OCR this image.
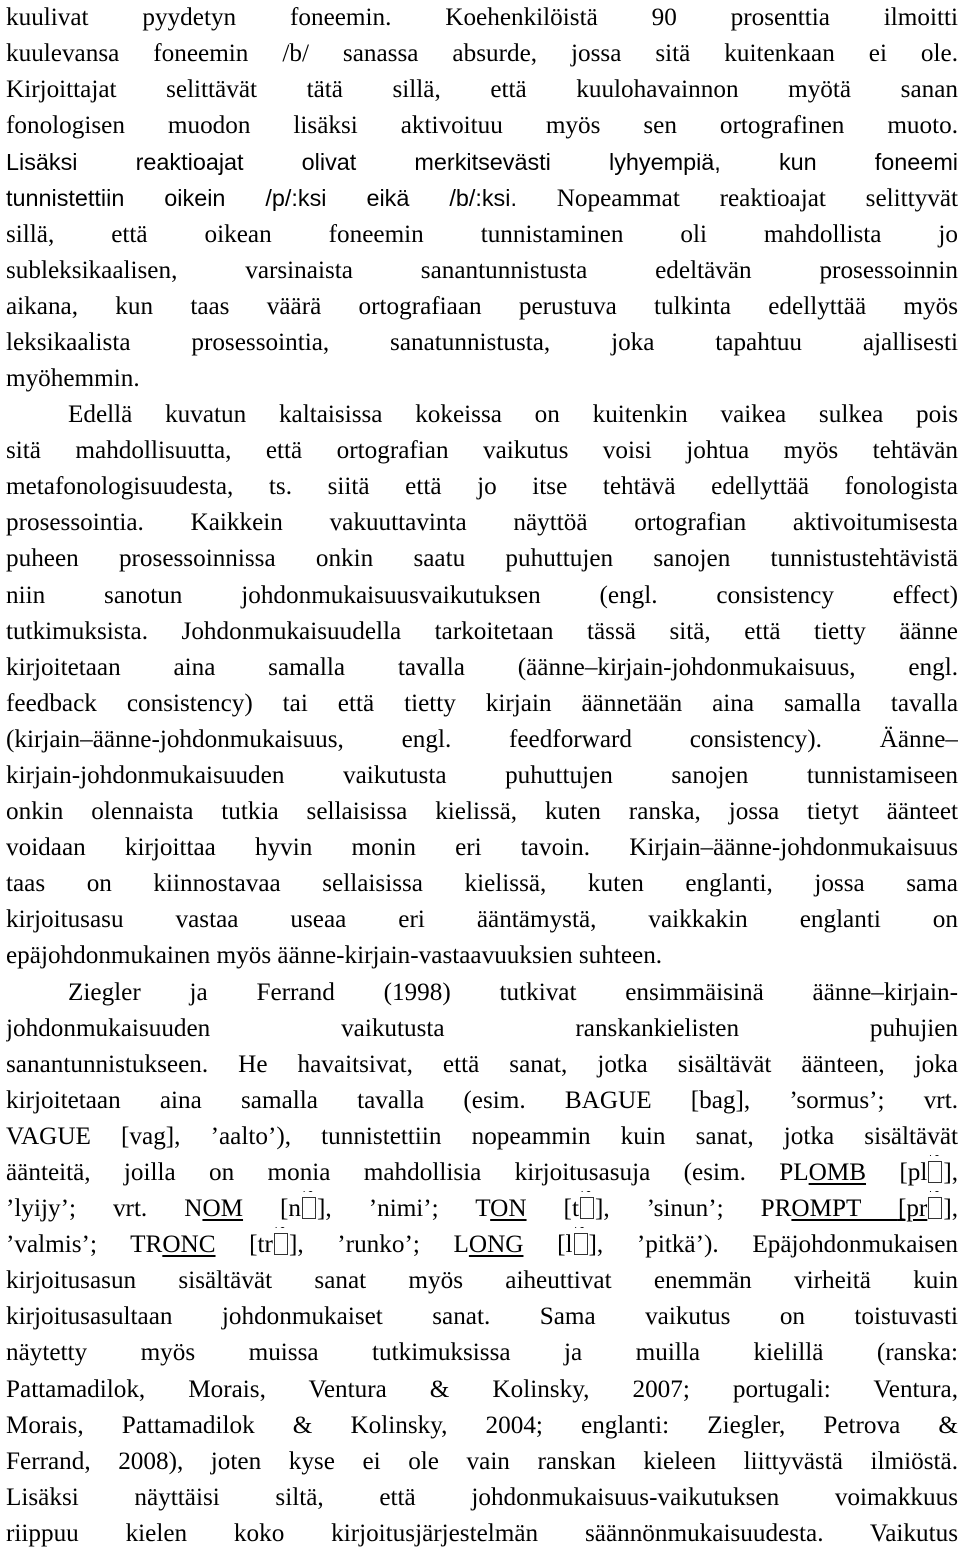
kuulivat pyydetyn foneemin. Koehenkilöistä 90 prosenttia ilmoitti
kuulevansa foneemin /b/ sanassa absurde, jossa sitä kuitenkaan ei ole.
Kirjoittajat selittävät tätä sillä, että kuulohavainnon myötä sanan
fonologisen muodon lisäksi aktivoituu myös sen ortografinen muoto.
Lisäksi reaktioajat olivat merkitsevästi lyhyempiä, kun foneemi
tunnistettiin oikein /p/:ksi eikä /b/:ksi. Nopeammat reaktioajat selittyvät
sillä, että oikean foneemin tunnistaminen oli mahdollista jo
subleksikaalisen, varsinaista sanantunnistusta edeltävän prosessoinnin
aikana, kun taas väärä ortografiaan perustuva tulkinta edellyttää myös
leksikaalista prosessointia, sanatunnistusta, joka tapahtuu ajallisesti
myöhemmin.
Edellä kuvatun kaltaisissa kokeissa on kuitenkin vaikea sulkea pois
sitä mahdollisuutta, että ortografian vaikutus voisi johtua myös tehtävän
metafonologisuudesta, ts. siitä että jo itse tehtävä edellyttää fonologista
prosessointia. Kaikkein vakuuttavinta näyttöä ortografian aktivoitumisesta
puheen prosessoinnissa onkin saatu puhuttujen sanojen tunnistustehtävistä
niin sanotun johdonmukaisuusvaikutuksen (engl. consistency effect)
tutkimuksista. Johdonmukaisuudella tarkoitetaan tässä sitä, että tietty äänne
kirjoitetaan aina samalla tavalla (äänne–kirjain-johdonmukaisuus, engl.
feedback consistency) tai että tietty kirjain äännetään aina samalla tavalla
(kirjain–äänne-johdonmukaisuus, engl. feedforward consistency). Äänne–
kirjain-johdonmukaisuuden vaikutusta puhuttujen sanojen tunnistamiseen
onkin olennaista tutkia sellaisissa kielissä, kuten ranska, jossa tietyt äänteet
voidaan kirjoittaa hyvin monin eri tavoin. Kirjain–äänne-johdonmukaisuus
taas on kiinnostavaa sellaisissa kielissä, kuten englanti, jossa sama
kirjoitusasu vastaa useaa eri ääntämystä, vaikkakin englanti on
epäjohdonmukainen myös äänne-kirjain-vastaavuuksien suhteen.
Ziegler ja Ferrand (1998) tutkivat ensimmäisinä äänne–kirjain-
johdonmukaisuuden vaikutusta ranskankielisten puhujien
sanantunnistukseen. He havaitsivat, että sanat, jotka sisältävät äänteen, joka
kirjoitetaan aina samalla tavalla (esim. BAGUE [bag], ’sormus’; vrt.
VAGUE [vag], ’aalto’), tunnistettiin nopeammin kuin sanat, jotka sisältävät
äänteitä, joilla on monia mahdollisia kirjoitusasuja (esim. PLOMB [pl ~ ],
’lyijy’; vrt. NOM [n ~ ], ’nimi’; TON [t ~ ], ’sinun’; PROMPT [pr ~ ],
’valmis’; TRONC [tr ~ ], ’runko’; LONG [l ~ ], ’pitkä’). Epäjohdonmukaisen
kirjoitusasun sisältävät sanat myös aiheuttivat enemmän virheitä kuin
kirjoitusasultaan johdonmukaiset sanat. Sama vaikutus on toistuvasti
näytetty myös muissa tutkimuksissa ja muilla kielillä (ranska:
Pattamadilok, Morais, Ventura & Kolinsky, 2007; portugali: Ventura,
Morais, Pattamadilok & Kolinsky, 2004; englanti: Ziegler, Petrova &
Ferrand, 2008), joten kyse ei ole vain ranskan kieleen liittyvästä ilmiöstä.
Lisäksi näyttäisi siltä, että johdonmukaisuus-vaikutuksen voimakkuus
riippuu kielen koko kirjoitusjärjestelmän säännönmukaisuudesta. Vaikutus
